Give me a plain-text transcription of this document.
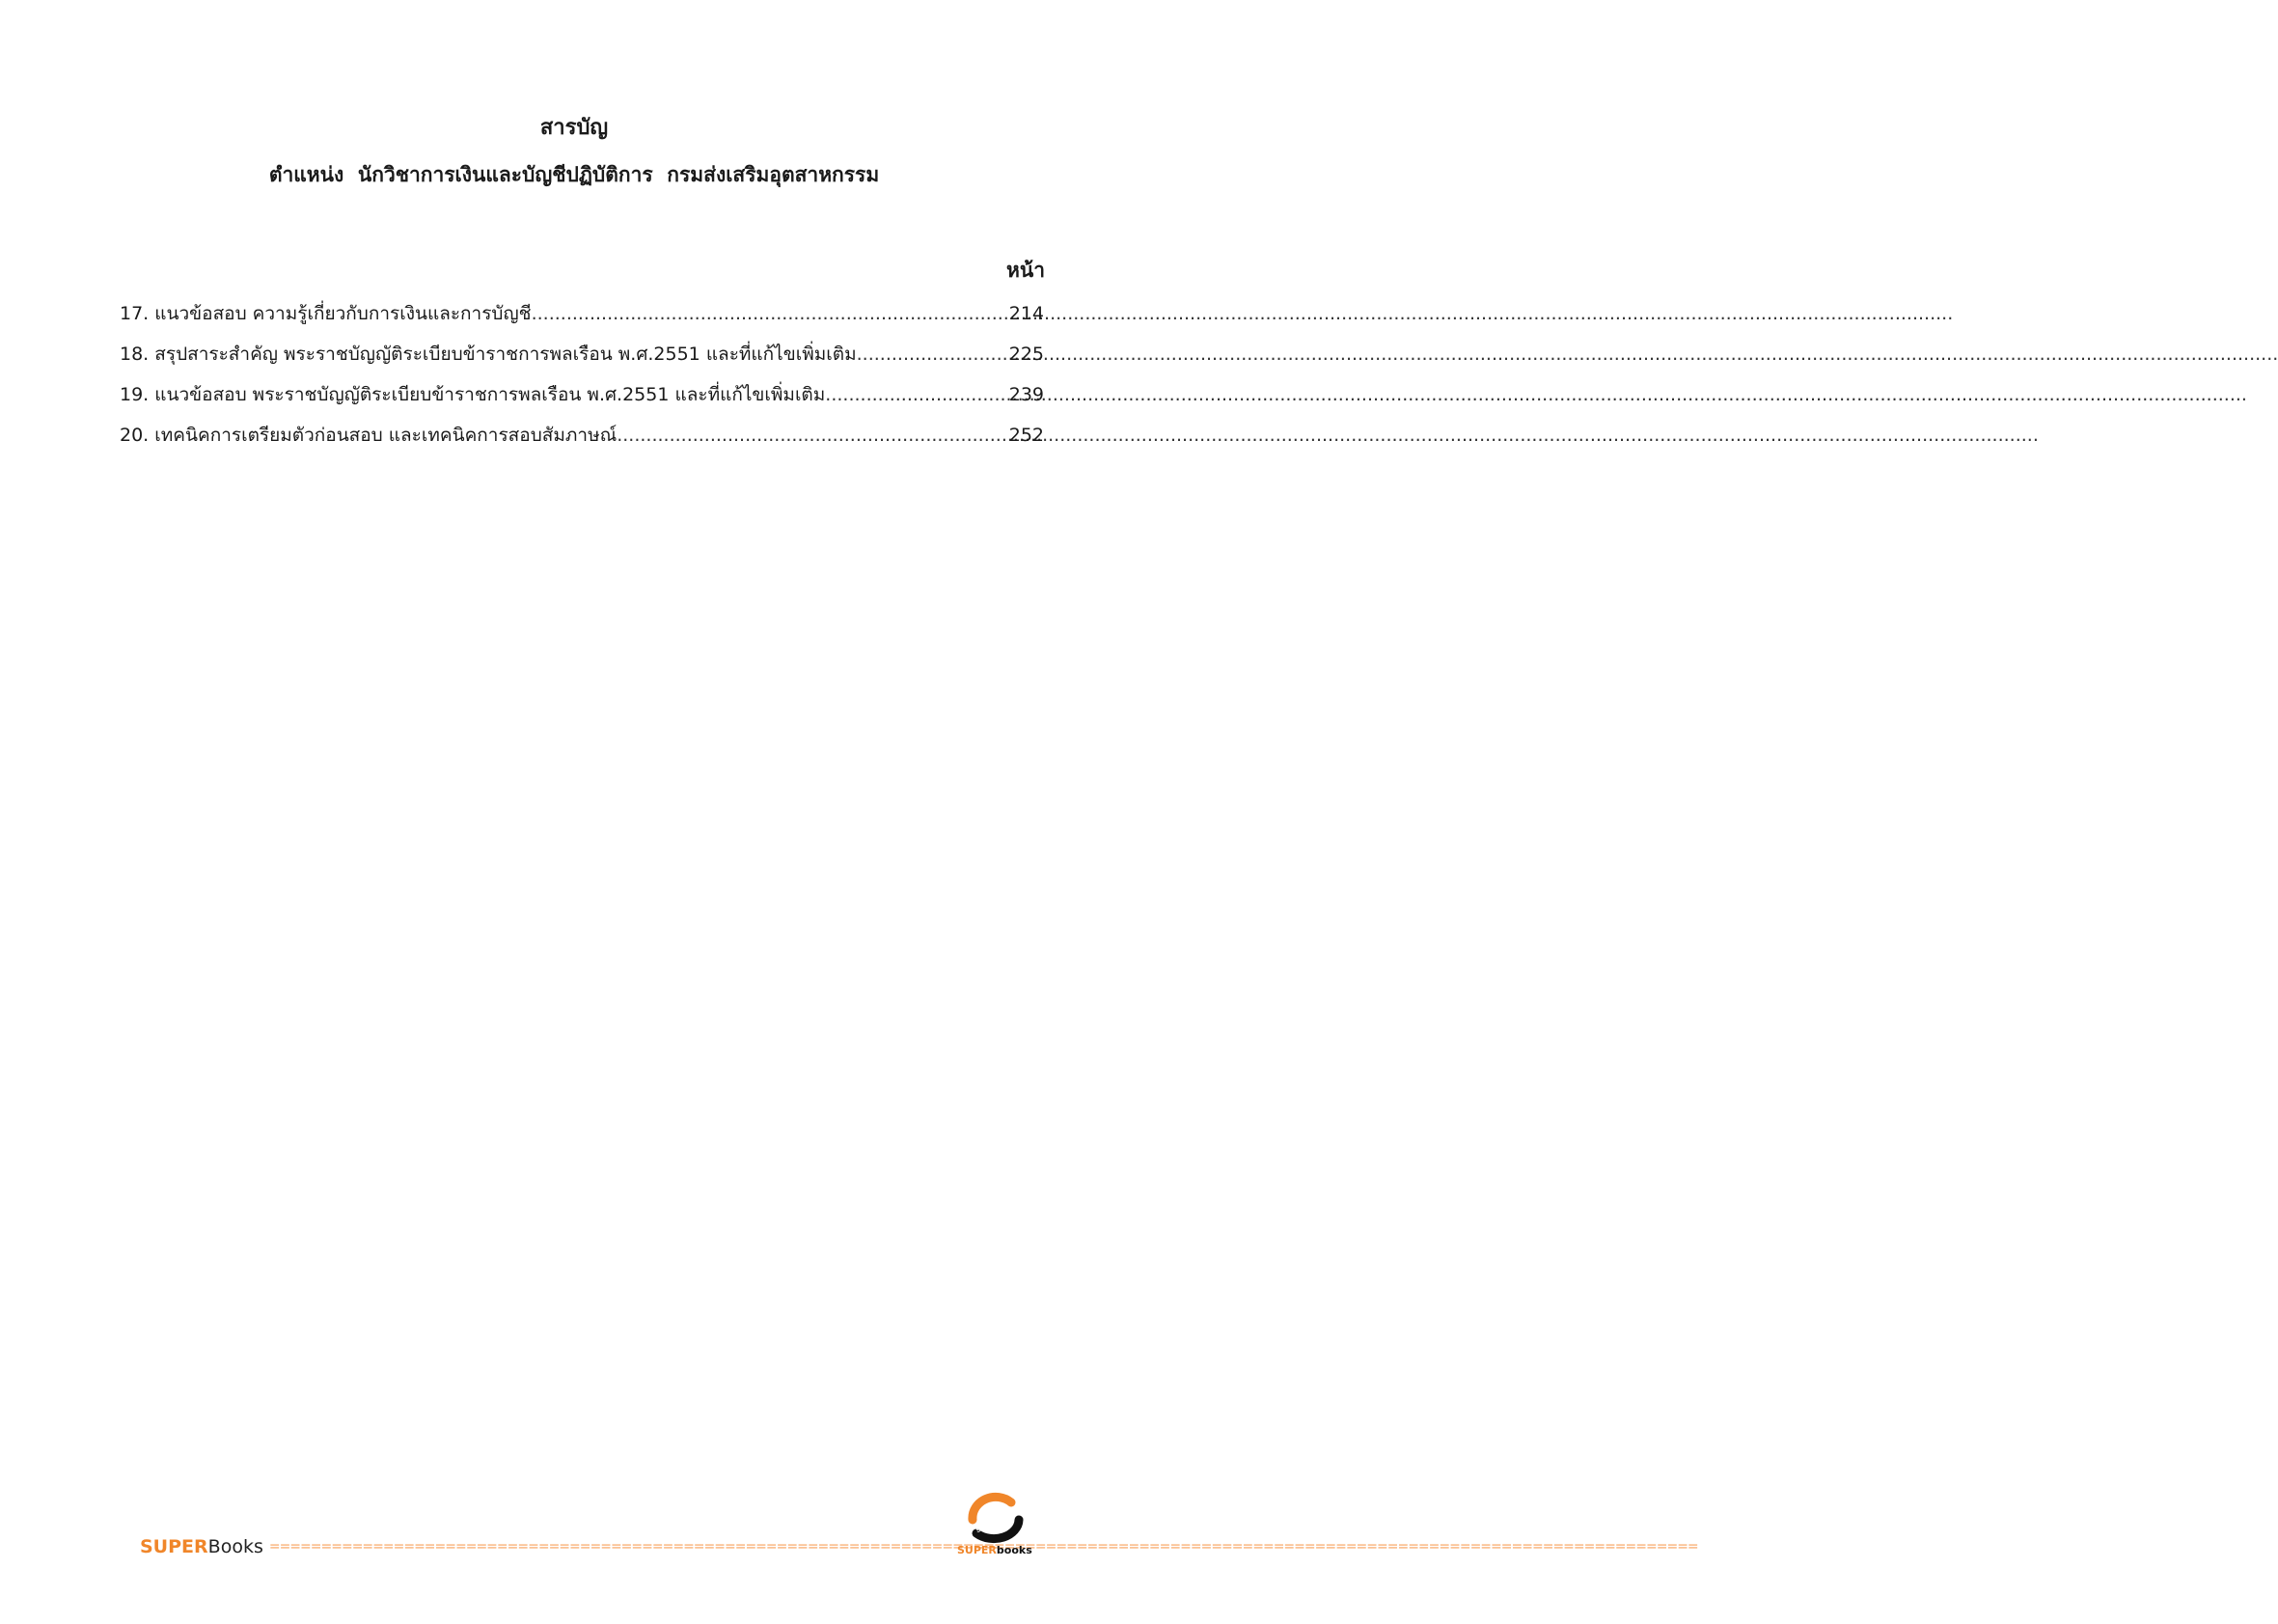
สารบัญ
ตำแหน่ง  นักวิชาการเงินและบัญชีปฏิบัติการ  กรมส่งเสริมอุตสาหกรรม
หน้า
17. แนวข้อสอบ ความรู้เกี่ยวกับการเงินและการบัญชี .....	214
18. สรุปสาระสำคัญ พระราชบัญญัติระเบียบข้าราชการพลเรือน พ.ศ.2551 และที่แก้ไขเพิ่มเติม .....	225
19. แนวข้อสอบ พระราชบัญญัติระเบียบข้าราชการพลเรือน พ.ศ.2551 และที่แก้ไขเพิ่มเติม .....	239
20. เทคนิคการเตรียมตัวก่อนสอบ และเทคนิคการสอบสัมภาษณ์ .....	252
SUPERBooks
=====
SUPERbooks
SUPERbooks
